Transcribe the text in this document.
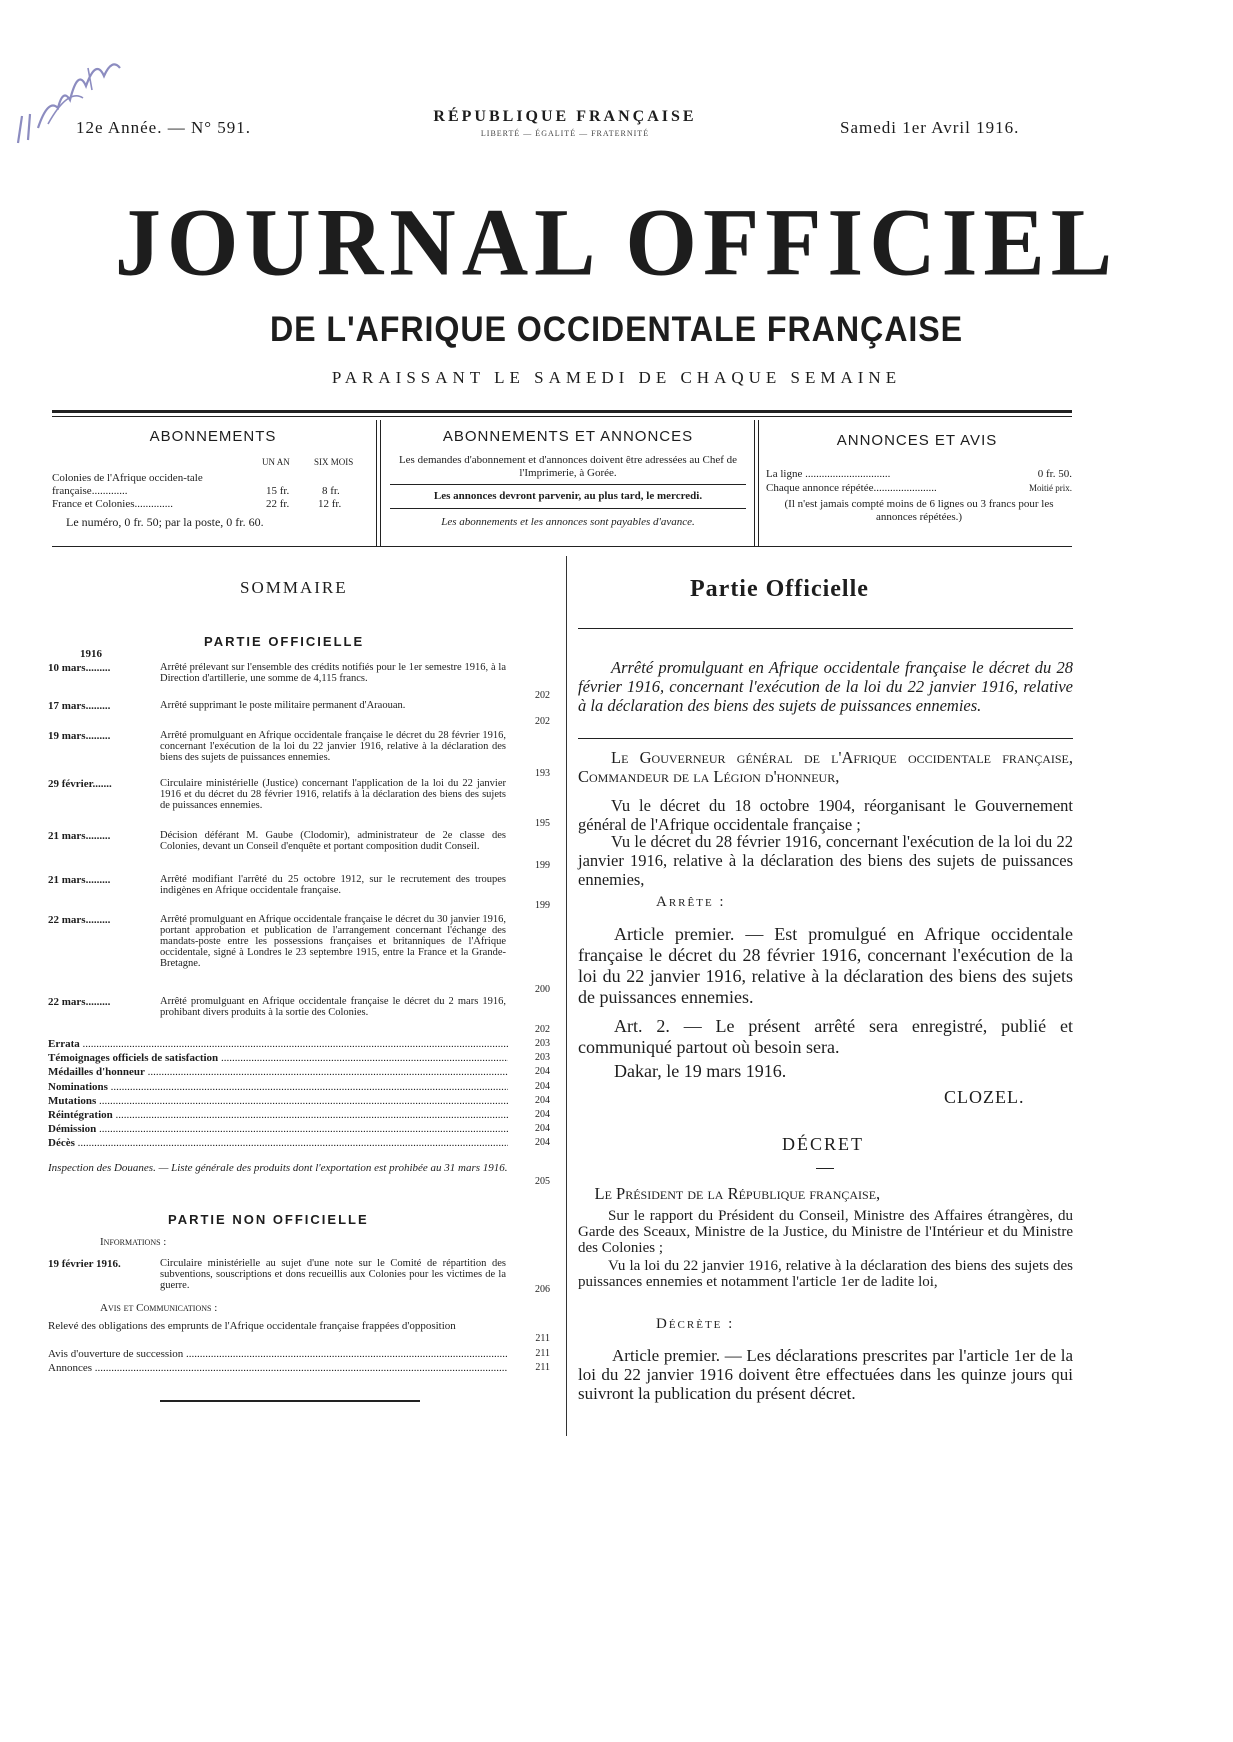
12e Année. — N° 591.
RÉPUBLIQUE FRANÇAISE
LIBERTÉ — ÉGALITÉ — FRATERNITÉ	Samedi 1er Avril 1916.
JOURNAL OFFICIEL
DE L'AFRIQUE OCCIDENTALE FRANÇAISE
PARAISSANT LE SAMEDI DE CHAQUE SEMAINE
ABONNEMENTS
UN AN	SIX MOIS
Colonies de l'Afrique occiden-tale française.............	15 fr.	8 fr.
France et Colonies..............	22 fr.	12 fr.
Le numéro, 0 fr. 50; par la poste, 0 fr. 60.
ABONNEMENTS ET ANNONCES
Les demandes d'abonnement et d'annonces doivent être adressées au Chef de l'Imprimerie, à Gorée.
Les annonces devront parvenir, au plus tard, le mercredi.
Les abonnements et les annonces sont payables d'avance.
ANNONCES ET AVIS
La ligne ...............................	0 fr. 50.
Chaque annonce répétée.......................	Moitié prix.
(Il n'est jamais compté moins de 6 lignes ou 3 francs pour les annonces répétées.)
SOMMAIRE
PARTIE OFFICIELLE
1916
10 mars.........	Arrêté prélevant sur l'ensemble des crédits notifiés pour le 1er semestre 1916, à la Direction d'artillerie, une somme de 4,115 francs.
202
17 mars.........	Arrêté supprimant le poste militaire permanent d'Araouan.
202
19 mars.........	Arrêté promulguant en Afrique occidentale française le décret du 28 février 1916, concernant l'exécution de la loi du 22 janvier 1916, relative à la déclaration des biens des sujets de puissances ennemies.
193
29 février.......	Circulaire ministérielle (Justice) concernant l'application de la loi du 22 janvier 1916 et du décret du 28 février 1916, relatifs à la déclaration des biens des sujets de puissances ennemies.
195
21 mars.........	Décision déférant M. Gaube (Clodomir), administrateur de 2e classe des Colonies, devant un Conseil d'enquête et portant composition dudit Conseil.
199
21 mars.........	Arrêté modifiant l'arrêté du 25 octobre 1912, sur le recrutement des troupes indigènes en Afrique occidentale française.
199
22 mars.........	Arrêté promulguant en Afrique occidentale française le décret du 30 janvier 1916, portant approbation et publication de l'arrangement concernant l'échange des mandats-poste entre les possessions françaises et britanniques de l'Afrique occidentale, signé à Londres le 23 septembre 1915, entre la France et la Grande-Bretagne.
200
22 mars.........	Arrêté promulguant en Afrique occidentale française le décret du 2 mars 1916, prohibant divers produits à la sortie des Colonies.
202
Errata .....	203
Témoignages officiels de satisfaction .....	203
Médailles d'honneur .....	204
Nominations .....	204
Mutations .....	204
Réintégration .....	204
Démission .....	204
Décès .....	204
Inspection des Douanes. — Liste générale des produits dont l'exportation est prohibée au 31 mars 1916.
205
PARTIE NON OFFICIELLE
Informations :
19 février 1916.	Circulaire ministérielle au sujet d'une note sur le Comité de répartition des subventions, souscriptions et dons recueillis aux Colonies pour les victimes de la guerre.	206
Avis et Communications :
Relevé des obligations des emprunts de l'Afrique occidentale française frappées d'opposition
211
Avis d'ouverture de succession .....	211
Annonces .....	211
Partie Officielle
Arrêté promulguant en Afrique occidentale française le décret du 28 février 1916, concernant l'exécution de la loi du 22 janvier 1916, relative à la déclaration des biens des sujets de puissances ennemies.
Le Gouverneur général de l'Afrique occidentale française, Commandeur de la Légion d'honneur,
Vu le décret du 18 octobre 1904, réorganisant le Gouvernement général de l'Afrique occidentale française ;
Vu le décret du 28 février 1916, concernant l'exécution de la loi du 22 janvier 1916, relative à la déclaration des biens des sujets de puissances ennemies,
Arrête :
Article premier. — Est promulgué en Afrique occidentale française le décret du 28 février 1916, concernant l'exécution de la loi du 22 janvier 1916, relative à la déclaration des biens des sujets de puissances ennemies.
Art. 2. — Le présent arrêté sera enregistré, publié et communiqué partout où besoin sera.
Dakar, le 19 mars 1916.
CLOZEL.
DÉCRET
Le Président de la République française,
Sur le rapport du Président du Conseil, Ministre des Affaires étrangères, du Garde des Sceaux, Ministre de la Justice, du Ministre de l'Intérieur et du Ministre des Colonies ;
Vu la loi du 22 janvier 1916, relative à la déclaration des biens des sujets des puissances ennemies et notamment l'article 1er de ladite loi,
Décrète :
Article premier. — Les déclarations prescrites par l'article 1er de la loi du 22 janvier 1916 doivent être effectuées dans les quinze jours qui suivront la publication du présent décret.
